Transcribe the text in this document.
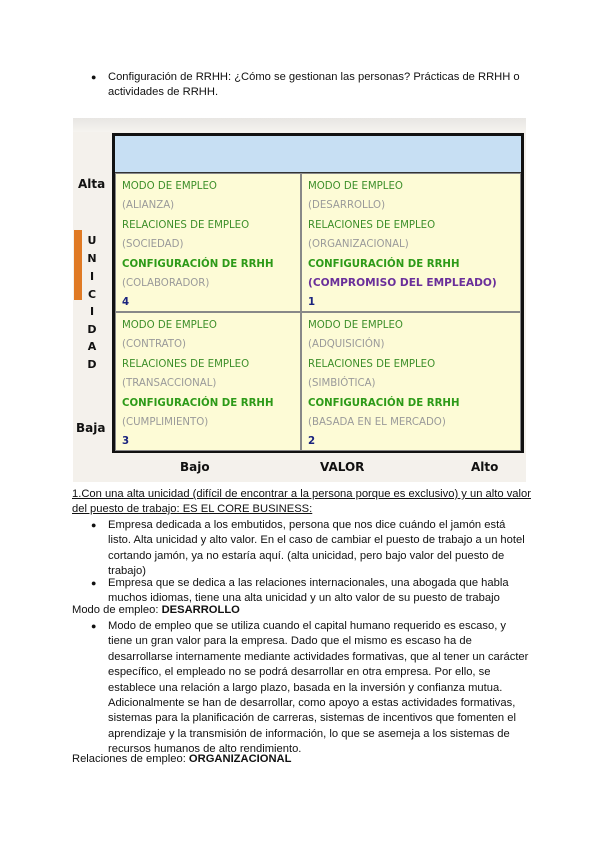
● Configuración de RRHH: ¿Cómo se gestionan las personas? Prácticas de RRHH o
actividades de RRHH.
Alta
Baja
U
N
I
C
I
D
A
D
MODO DE EMPLEO
(ALIANZA)
RELACIONES DE EMPLEO
(SOCIEDAD)
CONFIGURACIÓN DE RRHH
(COLABORADOR)
4
MODO DE EMPLEO
(DESARROLLO)
RELACIONES DE EMPLEO
(ORGANIZACIONAL)
CONFIGURACIÓN DE RRHH
(COMPROMISO DEL EMPLEADO)
1
MODO DE EMPLEO
(CONTRATO)
RELACIONES DE EMPLEO
(TRANSACCIONAL)
CONFIGURACIÓN DE RRHH
(CUMPLIMIENTO)
3
MODO DE EMPLEO
(ADQUISICIÓN)
RELACIONES DE EMPLEO
(SIMBIÓTICA)
CONFIGURACIÓN DE RRHH
(BASADA EN EL MERCADO)
2
Bajo	VALOR	Alto
1.Con una alta unicidad (difícil de encontrar a la persona porque es exclusivo) y un alto valor
del puesto de trabajo: ES EL CORE BUSINESS:
● Empresa dedicada a los embutidos, persona que nos dice cuándo el jamón está
listo. Alta unicidad y alto valor. En el caso de cambiar el puesto de trabajo a un hotel
cortando jamón, ya no estaría aquí. (alta unicidad, pero bajo valor del puesto de
trabajo)
● Empresa que se dedica a las relaciones internacionales, una abogada que habla
muchos idiomas, tiene una alta unicidad y un alto valor de su puesto de trabajo
Modo de empleo: DESARROLLO
● Modo de empleo que se utiliza cuando el capital humano requerido es escaso, y
tiene un gran valor para la empresa. Dado que el mismo es escaso ha de
desarrollarse internamente mediante actividades formativas, que al tener un carácter
específico, el empleado no se podrá desarrollar en otra empresa. Por ello, se
establece una relación a largo plazo, basada en la inversión y confianza mutua.
Adicionalmente se han de desarrollar, como apoyo a estas actividades formativas,
sistemas para la planificación de carreras, sistemas de incentivos que fomenten el
aprendizaje y la transmisión de información, lo que se asemeja a los sistemas de
recursos humanos de alto rendimiento.
Relaciones de empleo: ORGANIZACIONAL
